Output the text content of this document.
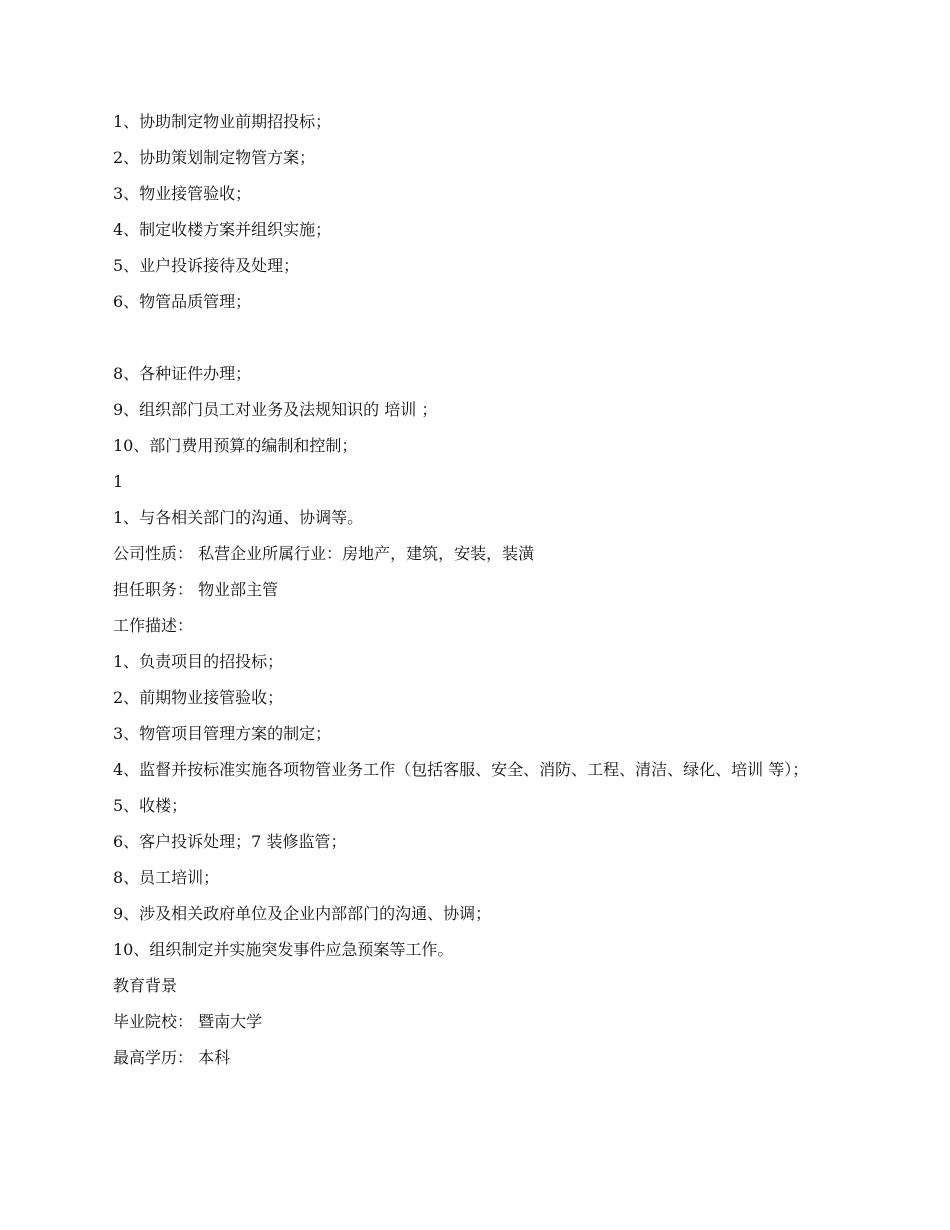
1、协助制定物业前期招投标；

2、协助策划制定物管方案；

3、物业接管验收；

4、制定收楼方案并组织实施；

5、业户投诉接待及处理；

6、物管品质管理；

8、各种证件办理；

9、组织部门员工对业务及法规知识的 培训 ；

10、部门费用预算的编制和控制；

1

1、与各相关部门的沟通、协调等。

公司性质： 私营企业所属行业：房地产，建筑，安装，装潢

担任职务： 物业部主管

工作描述：

1、负责项目的招投标；

2、前期物业接管验收；

3、物管项目管理方案的制定；

4、监督并按标准实施各项物管业务工作（包括客服、安全、消防、工程、清洁、绿化、培训 等）；

5、收楼；

6、客户投诉处理；7 装修监管；

8、员工培训；

9、涉及相关政府单位及企业内部部门的沟通、协调；

10、组织制定并实施突发事件应急预案等工作。

教育背景

毕业院校： 暨南大学

最高学历： 本科
